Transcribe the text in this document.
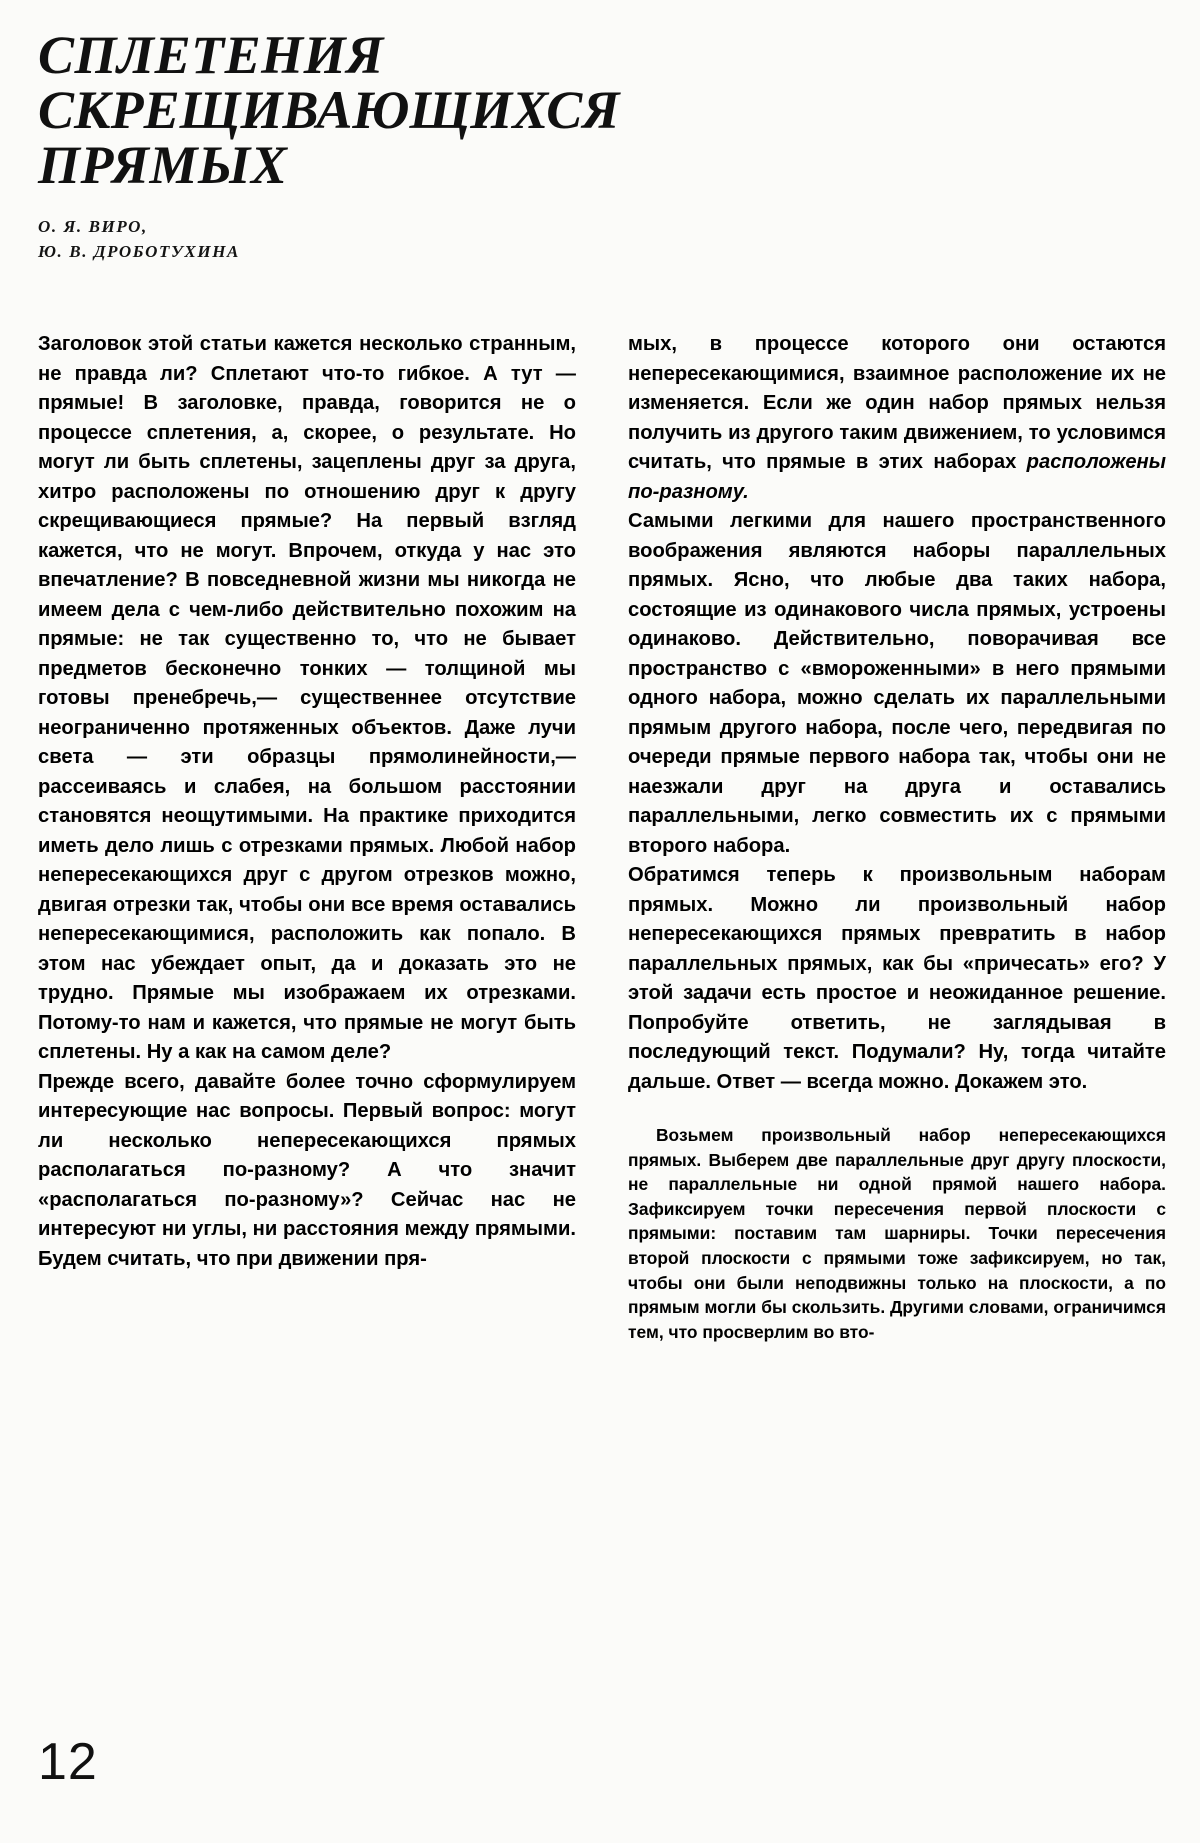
СПЛЕТЕНИЯ
СКРЕЩИВАЮЩИХСЯ
ПРЯМЫХ
О. Я. ВИРО,
Ю. В. ДРОБОТУХИНА

Заголовок этой статьи кажется несколько странным, не правда ли? Сплетают что-то гибкое. А тут — прямые! В заголовке, правда, говорится не о процессе сплетения, а, скорее, о результате. Но могут ли быть сплетены, зацеплены друг за друга, хитро расположены по отношению друг к другу скрещивающиеся прямые? На первый взгляд кажется, что не могут. Впрочем, откуда у нас это впечатление? В повседневной жизни мы никогда не имеем дела с чем-либо действительно похожим на прямые: не так существенно то, что не бывает предметов бесконечно тонких — толщиной мы готовы пренебречь,— существеннее отсутствие неограниченно протяженных объектов. Даже лучи света — эти образцы прямолинейности,— рассеиваясь и слабея, на большом расстоянии становятся неощутимыми. На практике приходится иметь дело лишь с отрезками прямых. Любой набор непересекающихся друг с другом отрезков можно, двигая отрезки так, чтобы они все время оставались непересекающимися, расположить как попало. В этом нас убеждает опыт, да и доказать это не трудно. Прямые мы изображаем их отрезками. Потому-то нам и кажется, что прямые не могут быть сплетены. Ну а как на самом деле?

Прежде всего, давайте более точно сформулируем интересующие нас вопросы. Первый вопрос: могут ли несколько непересекающихся прямых располагаться по-разному? А что значит «располагаться по-разному»? Сейчас нас не интересуют ни углы, ни расстояния между прямыми. Будем считать, что при движении пря-

мых, в процессе которого они остаются непересекающимися, взаимное расположение их не изменяется. Если же один набор прямых нельзя получить из другого таким движением, то условимся считать, что прямые в этих наборах расположены по-разному.

Самыми легкими для нашего пространственного воображения являются наборы параллельных прямых. Ясно, что любые два таких набора, состоящие из одинакового числа прямых, устроены одинаково. Действительно, поворачивая все пространство с «вмороженными» в него прямыми одного набора, можно сделать их параллельными прямым другого набора, после чего, передвигая по очереди прямые первого набора так, чтобы они не наезжали друг на друга и оставались параллельными, легко совместить их с прямыми второго набора.

Обратимся теперь к произвольным наборам прямых. Можно ли произвольный набор непересекающихся прямых превратить в набор параллельных прямых, как бы «причесать» его? У этой задачи есть простое и неожиданное решение. Попробуйте ответить, не заглядывая в последующий текст. Подумали? Ну, тогда читайте дальше. Ответ — всегда можно. Докажем это.

Возьмем произвольный набор непересекающихся прямых. Выберем две параллельные друг другу плоскости, не параллельные ни одной прямой нашего набора. Зафиксируем точки пересечения первой плоскости с прямыми: поставим там шарниры. Точки пересечения второй плоскости с прямыми тоже зафиксируем, но так, чтобы они были неподвижны только на плоскости, а по прямым могли бы скользить. Другими словами, ограничимся тем, что просверлим во вто-

12
